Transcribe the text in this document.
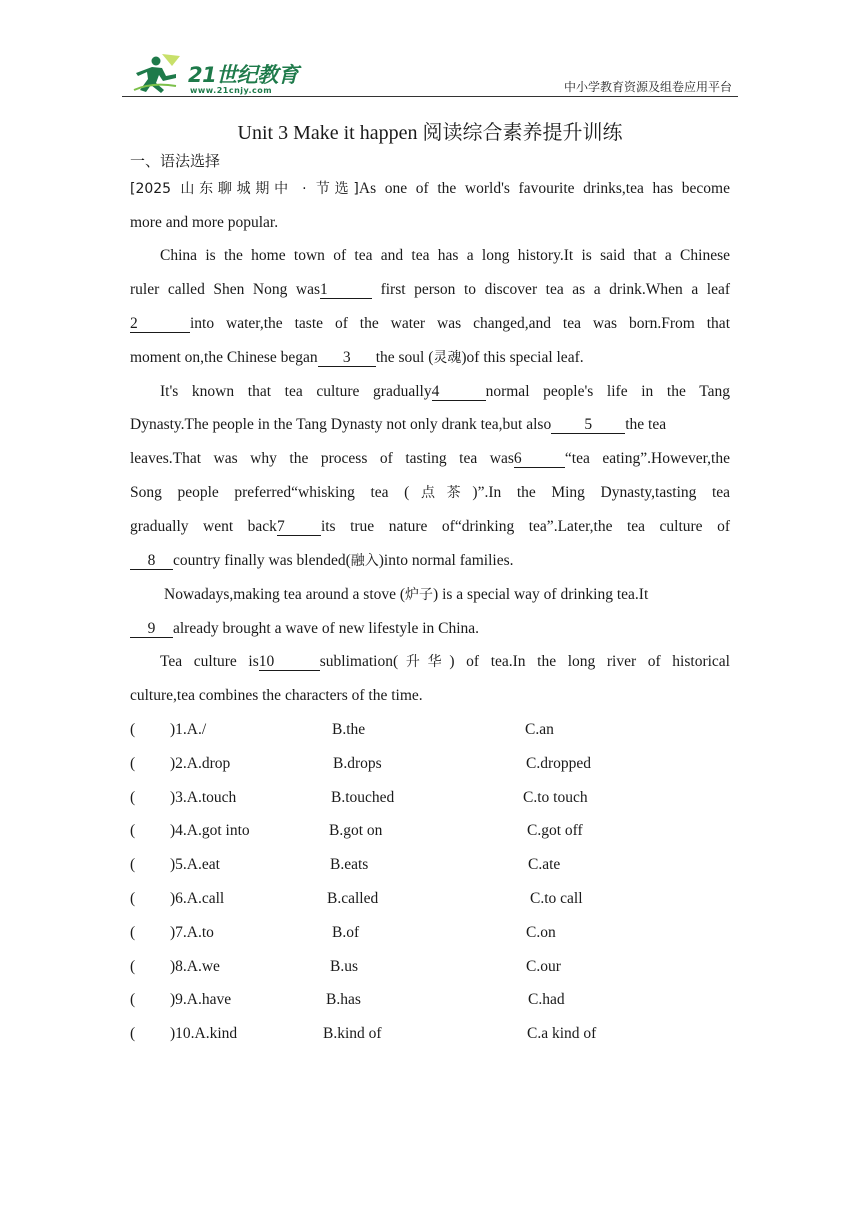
21世纪教育
www.21cnjy.com	中小学教育资源及组卷应用平台
Unit 3 Make it happen 阅读综合素养提升训练
一、语法选择
[2025 山东聊城期中 · 节选]As one of the world's favourite drinks,tea has become
more and more popular.
China is the home town of tea and tea has a long history.It is said that a Chinese
ruler called Shen Nong was1	first person to discover tea as a drink.When a leaf
2	into water,the taste of the water was changed,and tea was born.From that
moment on,the Chinese began 3 the soul (灵魂)of this special leaf.
It's known that tea culture gradually4	normal people's life in the Tang
Dynasty.The people in the Tang Dynasty not only drank tea,but also 5 the tea
leaves.That was why the process of tasting tea was6	“tea eating”.However,the
Song people preferred“whisking tea (点茶)”.In the Ming Dynasty,tasting tea
gradually went back7 its true nature of“drinking tea”.Later,the tea culture of
8 country finally was blended(融入)into normal families.
Nowadays,making tea around a stove (炉子) is a special way of drinking tea.It
9 already brought a wave of new lifestyle in China.
Tea culture is10	sublimation(升华) of tea.In the long river of historical
culture,tea combines the characters of the time.
( )1.A./	B.the	C.an
( )2.A.drop	B.drops	C.dropped
( )3.A.touch	B.touched	C.to touch
( )4.A.got into	B.got on	C.got off
( )5.A.eat	B.eats	C.ate
( )6.A.call	B.called	C.to call
( )7.A.to	B.of	C.on
( )8.A.we	B.us	C.our
( )9.A.have	B.has	C.had
( )10.A.kind	B.kind of	C.a kind of
